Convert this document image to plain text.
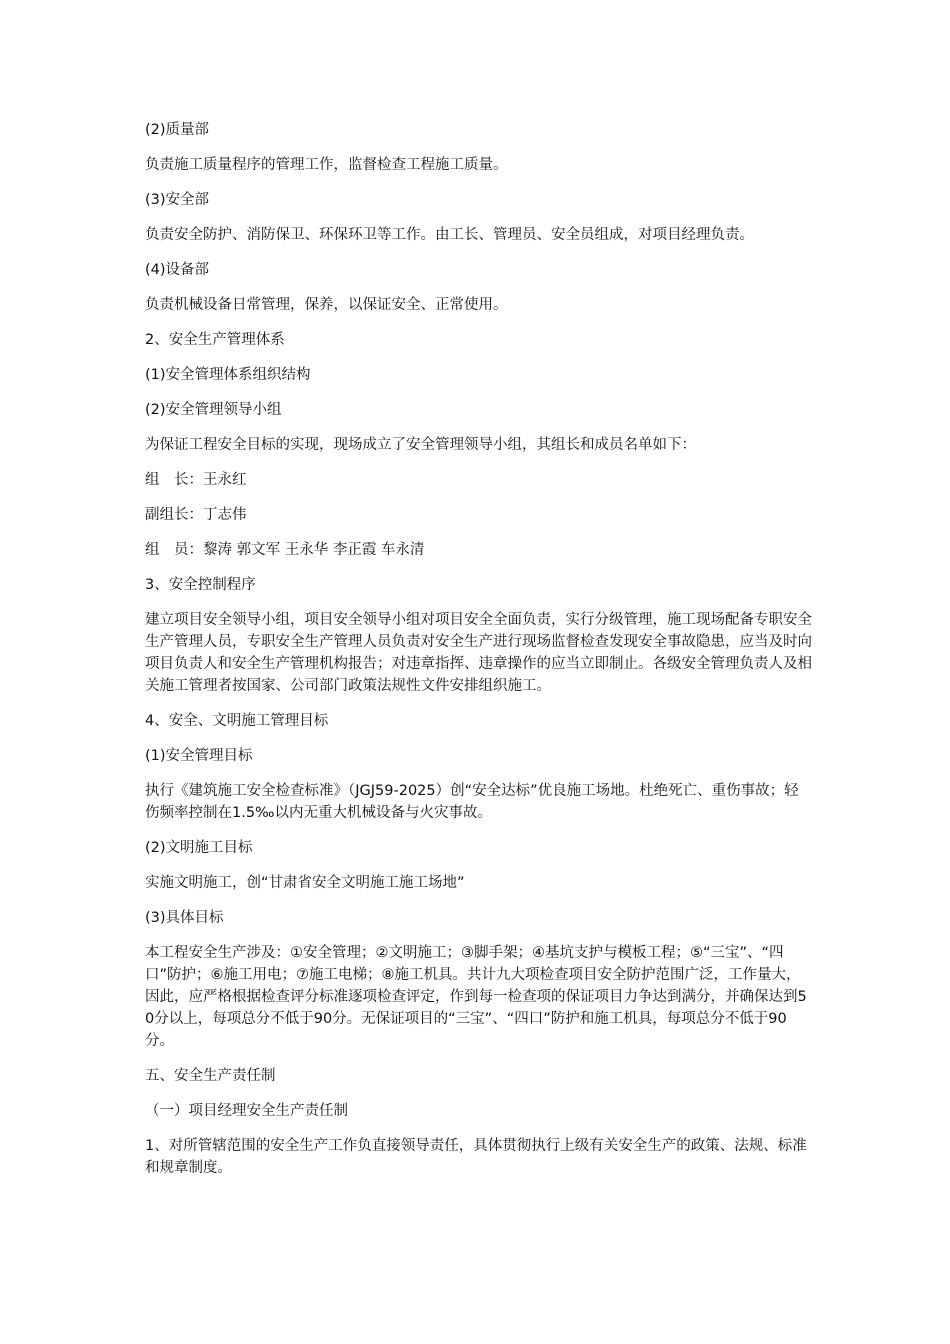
(2)质量部

负责施工质量程序的管理工作，监督检查工程施工质量。

(3)安全部

负责安全防护、消防保卫、环保环卫等工作。由工长、管理员、安全员组成，对项目经理负责。

(4)设备部

负责机械设备日常管理，保养，以保证安全、正常使用。

2、安全生产管理体系

(1)安全管理体系组织结构

(2)安全管理领导小组

为保证工程安全目标的实现，现场成立了安全管理领导小组，其组长和成员名单如下：

组　长：王永红

副组长：丁志伟

组　员：黎涛 郭文军 王永华 李正霞 车永清

3、安全控制程序

建立项目安全领导小组，项目安全领导小组对项目安全全面负责，实行分级管理，施工现场配备专职安全生产管理人员，专职安全生产管理人员负责对安全生产进行现场监督检查发现安全事故隐患，应当及时向项目负责人和安全生产管理机构报告；对违章指挥、违章操作的应当立即制止。各级安全管理负责人及相关施工管理者按国家、公司部门政策法规性文件安排组织施工。

4、安全、文明施工管理目标

(1)安全管理目标

执行《建筑施工安全检查标准》（JGJ59-2025）创“安全达标”优良施工场地。杜绝死亡、重伤事故；轻伤频率控制在1.5‰以内无重大机械设备与火灾事故。

(2)文明施工目标

实施文明施工，创“甘肃省安全文明施工施工场地”

(3)具体目标

本工程安全生产涉及：①安全管理；②文明施工；③脚手架；④基坑支护与模板工程；⑤“三宝”、“四口”防护；⑥施工用电；⑦施工电梯；⑧施工机具。共计九大项检查项目安全防护范围广泛，工作量大，因此，应严格根据检查评分标准逐项检查评定，作到每一检查项的保证项目力争达到满分，并确保达到50分以上，每项总分不低于90分。无保证项目的“三宝”、“四口”防护和施工机具，每项总分不低于90分。

五、安全生产责任制

（一）项目经理安全生产责任制

1、对所管辖范围的安全生产工作负直接领导责任，具体贯彻执行上级有关安全生产的政策、法规、标准和规章制度。
